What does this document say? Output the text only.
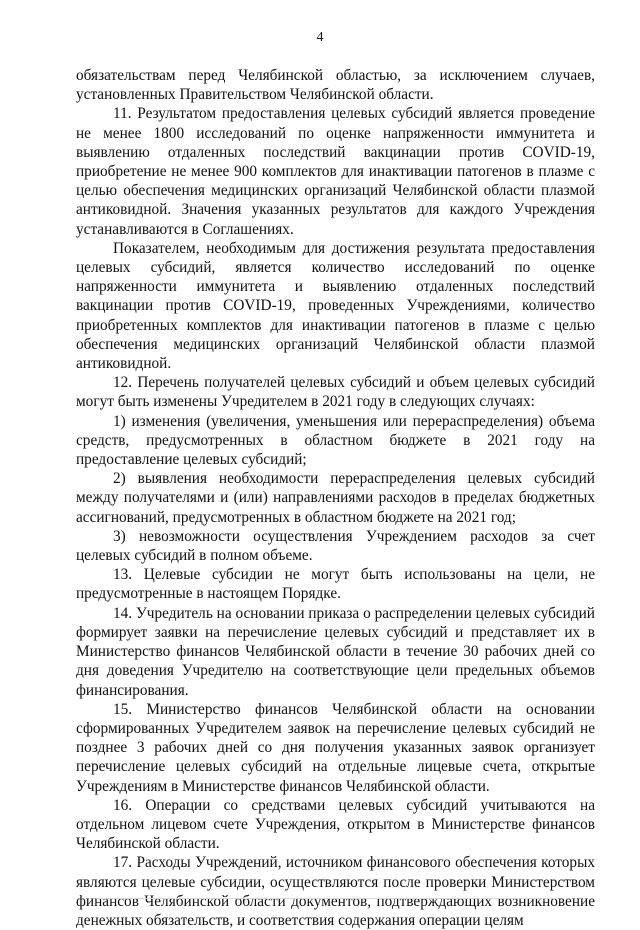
4

обязательствам перед Челябинской областью, за исключением случаев, установленных Правительством Челябинской области.

11. Результатом предоставления целевых субсидий является проведение не менее 1800 исследований по оценке напряженности иммунитета и выявлению отдаленных последствий вакцинации против COVID-19, приобретение не менее 900 комплектов для инактивации патогенов в плазме с целью обеспечения медицинских организаций Челябинской области плазмой антиковидной. Значения указанных результатов для каждого Учреждения устанавливаются в Соглашениях.

Показателем, необходимым для достижения результата предоставления целевых субсидий, является количество исследований по оценке напряженности иммунитета и выявлению отдаленных последствий вакцинации против COVID-19, проведенных Учреждениями, количество приобретенных комплектов для инактивации патогенов в плазме с целью обеспечения медицинских организаций Челябинской области плазмой антиковидной.

12. Перечень получателей целевых субсидий и объем целевых субсидий могут быть изменены Учредителем в 2021 году в следующих случаях:

1) изменения (увеличения, уменьшения или перераспределения) объема средств, предусмотренных в областном бюджете в 2021 году на предоставление целевых субсидий;

2) выявления необходимости перераспределения целевых субсидий между получателями и (или) направлениями расходов в пределах бюджетных ассигнований, предусмотренных в областном бюджете на 2021 год;

3) невозможности осуществления Учреждением расходов за счет целевых субсидий в полном объеме.

13. Целевые субсидии не могут быть использованы на цели, не предусмотренные в настоящем Порядке.

14. Учредитель на основании приказа о распределении целевых субсидий формирует заявки на перечисление целевых субсидий и представляет их в Министерство финансов Челябинской области в течение 30 рабочих дней со дня доведения Учредителю на соответствующие цели предельных объемов финансирования.

15. Министерство финансов Челябинской области на основании сформированных Учредителем заявок на перечисление целевых субсидий не позднее 3 рабочих дней со дня получения указанных заявок организует перечисление целевых субсидий на отдельные лицевые счета, открытые Учреждениям в Министерстве финансов Челябинской области.

16. Операции со средствами целевых субсидий учитываются на отдельном лицевом счете Учреждения, открытом в Министерстве финансов Челябинской области.

17. Расходы Учреждений, источником финансового обеспечения которых являются целевые субсидии, осуществляются после проверки Министерством финансов Челябинской области документов, подтверждающих возникновение денежных обязательств, и соответствия содержания операции целям
